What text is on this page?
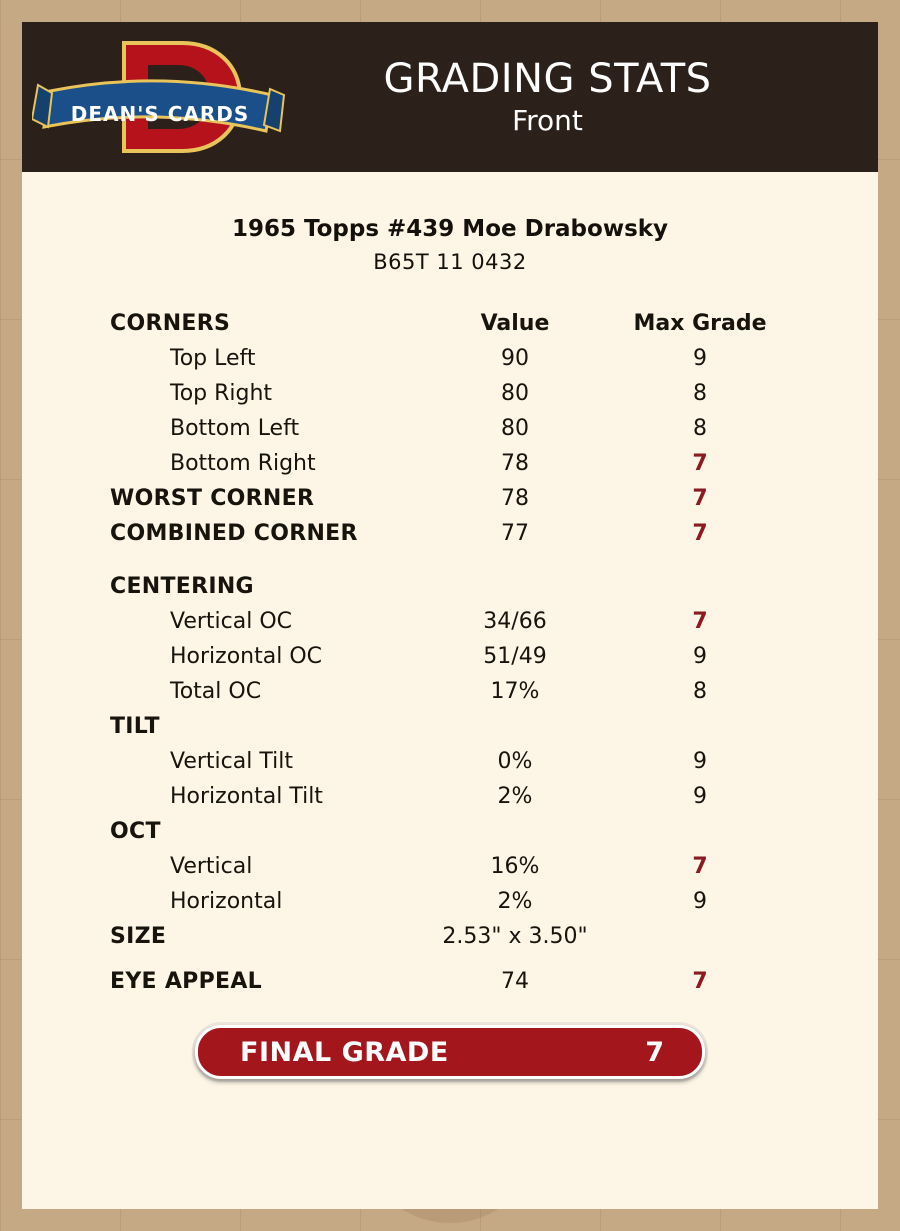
DEAN'S CARDS
GRADING STATS
Front
1965 Topps #439 Moe Drabowsky
B65T 11 0432
CORNERS	Value	Max Grade
Top Left	90	9
Top Right	80	8
Bottom Left	80	8
Bottom Right	78	7
WORST CORNER	78	7
COMBINED CORNER	77	7

CENTERING		
Vertical OC	34/66	7
Horizontal OC	51/49	9
Total OC	17%	8
TILT		
Vertical Tilt	0%	9
Horizontal Tilt	2%	9
OCT		
Vertical	16%	7
Horizontal	2%	9
SIZE	2.53" x 3.50"	

EYE APPEAL	74	7
FINAL GRADE	7
